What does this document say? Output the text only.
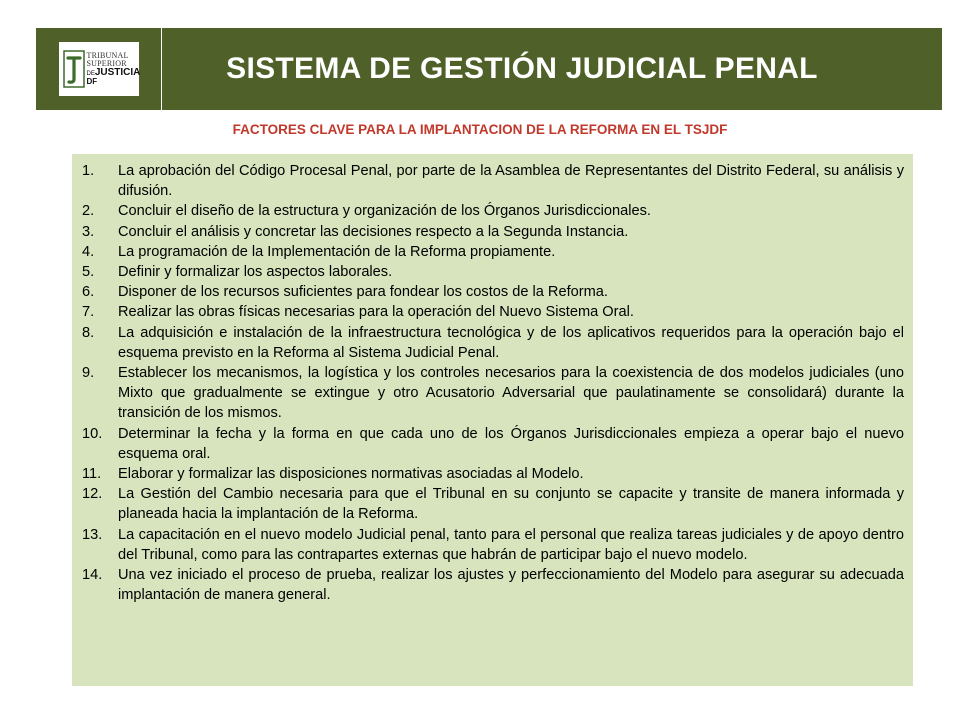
TRIBUNAL
SUPERIOR
DEJUSTICIA
DF	SISTEMA DE GESTIÓN JUDICIAL PENAL
FACTORES CLAVE PARA LA IMPLANTACION DE LA REFORMA EN EL TSJDF
1.	La aprobación del Código Procesal Penal, por parte de la Asamblea de Representantes del Distrito Federal, su análisis y difusión.
2.	Concluir el diseño de la estructura y organización de los Órganos Jurisdiccionales.
3.	Concluir el análisis y concretar las decisiones respecto a la Segunda Instancia.
4.	La programación de la Implementación de la Reforma propiamente.
5.	Definir y formalizar los aspectos laborales.
6.	Disponer de los recursos suficientes para fondear los costos de la Reforma.
7.	Realizar las obras físicas necesarias para la operación del Nuevo Sistema Oral.
8.	La adquisición e instalación de la infraestructura tecnológica y de los aplicativos requeridos para la operación bajo el esquema previsto en la Reforma al Sistema Judicial Penal.
9.	Establecer los mecanismos, la logística y los controles necesarios para la coexistencia de dos modelos judiciales (uno Mixto que gradualmente se extingue y otro Acusatorio Adversarial que paulatinamente se consolidará) durante la transición de los mismos.
10.	Determinar la fecha y la forma en que cada uno de los Órganos Jurisdiccionales empieza a operar bajo el nuevo esquema oral.
11.	Elaborar y formalizar las disposiciones normativas asociadas al Modelo.
12.	La Gestión del Cambio necesaria para que el Tribunal en su conjunto se capacite y transite de manera informada y planeada hacia la implantación de la Reforma.
13.	La capacitación en el nuevo modelo Judicial penal, tanto para el personal que realiza tareas judiciales y de apoyo dentro del Tribunal, como para las contrapartes externas que habrán de participar bajo el nuevo modelo.
14.	Una vez iniciado el proceso de prueba, realizar los ajustes y perfeccionamiento del Modelo para asegurar su adecuada implantación de manera general.
